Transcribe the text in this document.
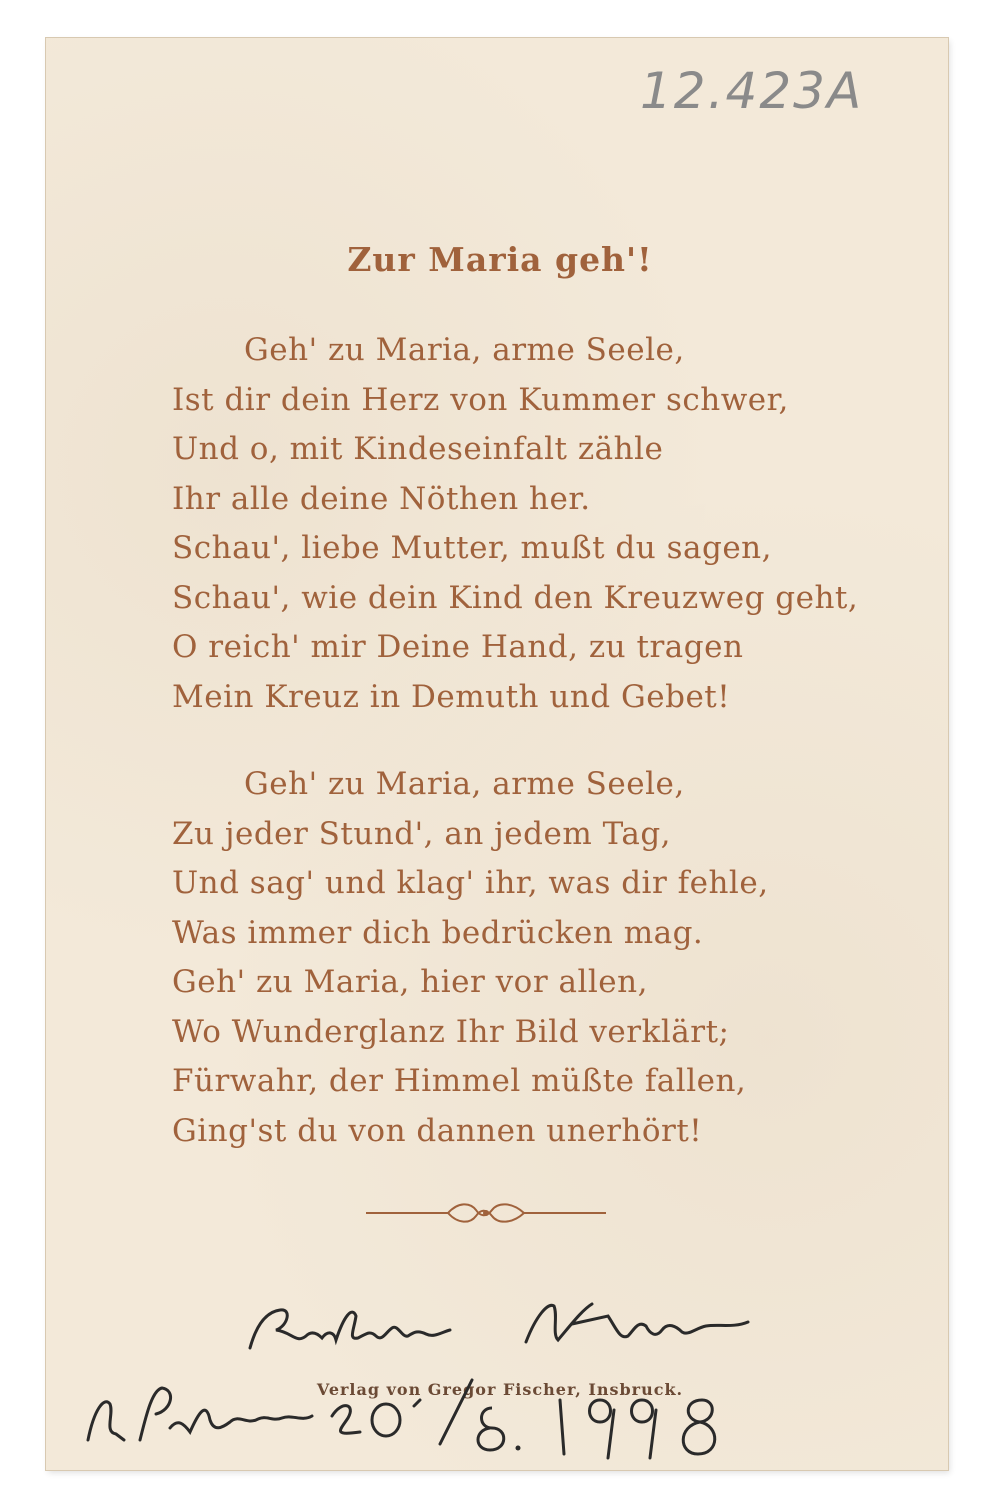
12.423A
Zur Maria geh'!
Geh' zu Maria, arme Seele,
Ist dir dein Herz von Kummer schwer,
Und o, mit Kindeseinfalt zähle
Ihr alle deine Nöthen her.
Schau', liebe Mutter, mußt du sagen,
Schau', wie dein Kind den Kreuzweg geht,
O reich' mir Deine Hand, zu tragen
Mein Kreuz in Demuth und Gebet!
Geh' zu Maria, arme Seele,
Zu jeder Stund', an jedem Tag,
Und sag' und klag' ihr, was dir fehle,
Was immer dich bedrücken mag.
Geh' zu Maria, hier vor allen,
Wo Wunderglanz Ihr Bild verklärt;
Fürwahr, der Himmel müßte fallen,
Ging'st du von dannen unerhört!
Verlag von Gregor Fischer, Insbruck.
